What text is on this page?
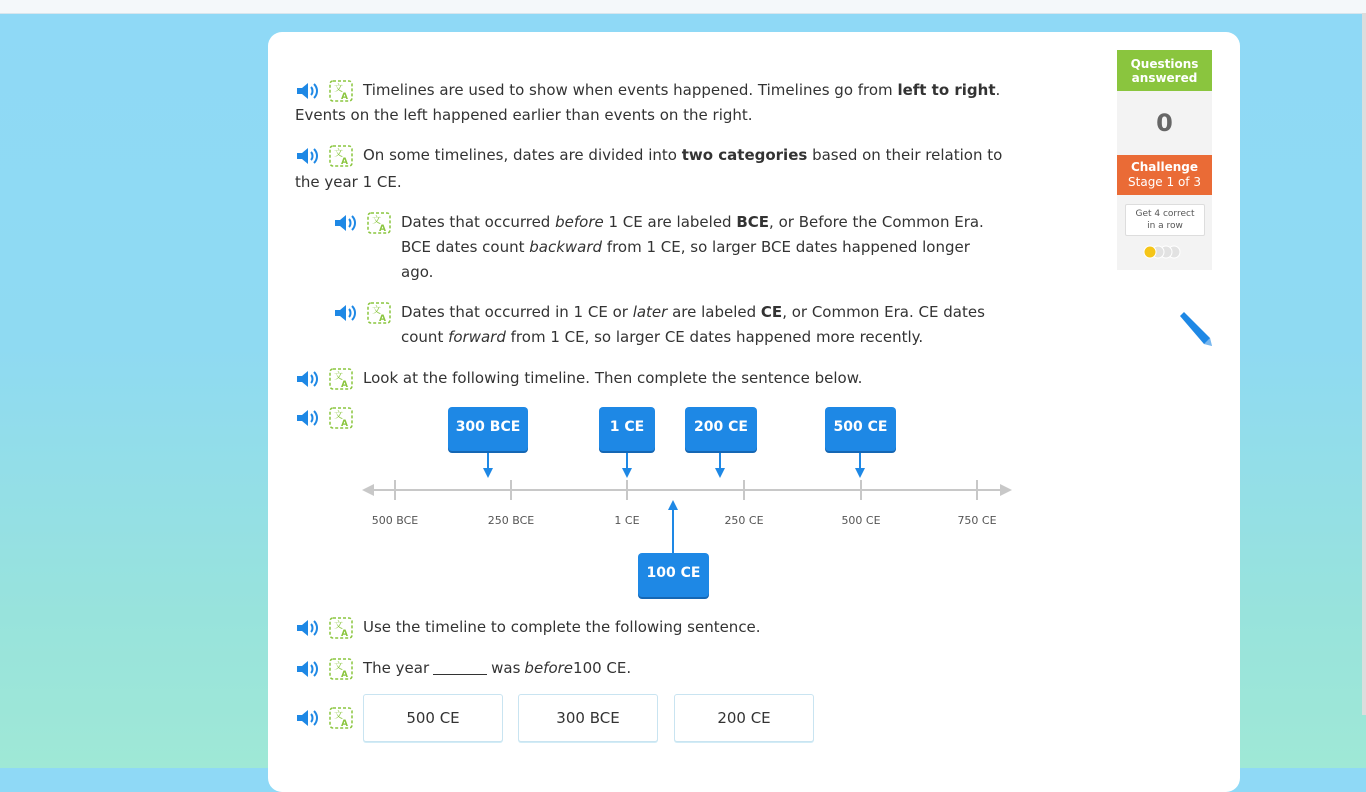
文
A Timelines are used to show when events happened. Timelines go from left to right.
Events on the left happened earlier than events on the right.
文
A On some timelines, dates are divided into two categories based on their relation to
the year 1 CE.
文
A Dates that occurred before 1 CE are labeled BCE, or Before the Common Era.
BCE dates count backward from 1 CE, so larger BCE dates happened longer
ago.
文
A Dates that occurred in 1 CE or later are labeled CE, or Common Era. CE dates
count forward from 1 CE, so larger CE dates happened more recently.
文
A Look at the following timeline. Then complete the sentence below.
文
A
500 BCE	250 BCE	1 CE	250 CE	500 CE	750 CE
300 BCE	1 CE	200 CE	500 CE
100 CE
文
A Use the timeline to complete the following sentence.
文
A The year	was before 100 CE.
文
A	500 CE	300 BCE	200 CE
Questions
answered
0
Challenge
Stage 1 of 3
Get 4 correct
in a row
